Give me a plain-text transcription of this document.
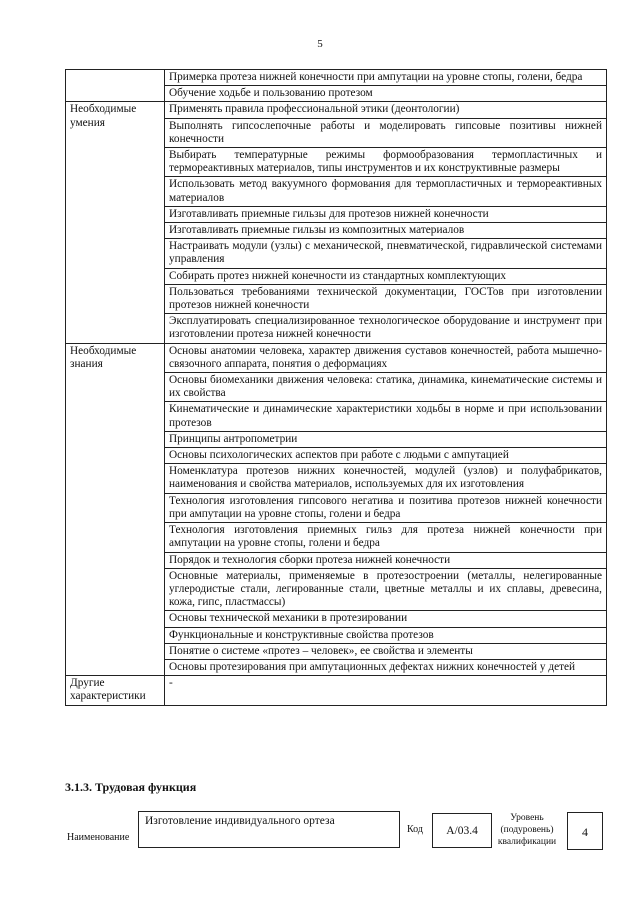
5
	Примерка протеза нижней конечности при ампутации на уровне стопы, голени, бедра
	Обучение ходьбе и пользованию протезом
Необходимые умения	Применять правила профессиональной этики (деонтологии)
	Выполнять гипсослепочные работы и моделировать гипсовые позитивы нижней конечности
	Выбирать температурные режимы формообразования термопластичных и термореактивных материалов, типы инструментов и их конструктивные размеры
	Использовать метод вакуумного формования для термопластичных и термореактивных материалов
	Изготавливать приемные гильзы для протезов нижней конечности
	Изготавливать приемные гильзы из композитных материалов
	Настраивать модули (узлы) с механической, пневматической, гидравлической системами управления
	Собирать протез нижней конечности из стандартных комплектующих
	Пользоваться требованиями технической документации, ГОСТов при изготовлении протезов нижней конечности
	Эксплуатировать специализированное технологическое оборудование и инструмент при изготовлении протеза нижней конечности
Необходимые знания	Основы анатомии человека, характер движения суставов конечностей, работа мышечно-связочного аппарата, понятия о деформациях
	Основы биомеханики движения человека: статика, динамика, кинематические системы и их свойства
	Кинематические и динамические характеристики ходьбы в норме и при использовании протезов
	Принципы антропометрии
	Основы психологических аспектов при работе с людьми с ампутацией
	Номенклатура протезов нижних конечностей, модулей (узлов) и полуфабрикатов, наименования и свойства материалов, используемых для их изготовления
	Технология изготовления гипсового негатива и позитива протезов нижней конечности при ампутации на уровне стопы, голени и бедра
	Технология изготовления приемных гильз для протеза нижней конечности при ампутации на уровне стопы, голени и бедра
	Порядок и технология сборки протеза нижней конечности
	Основные материалы, применяемые в протезостроении (металлы, нелегированные углеродистые стали, легированные стали, цветные металлы и их сплавы, древесина, кожа, гипс, пластмассы)
	Основы технической механики в протезировании
	Функциональные и конструктивные свойства протезов
	Понятие о системе «протез – человек», ее свойства и элементы
	Основы протезирования при ампутационных дефектах нижних конечностей у детей
Другие характеристики	-
3.1.3. Трудовая функция
Наименование
Изготовление индивидуального ортеза
Код	А/03.4
Уровень (подуровень) квалификации
4
